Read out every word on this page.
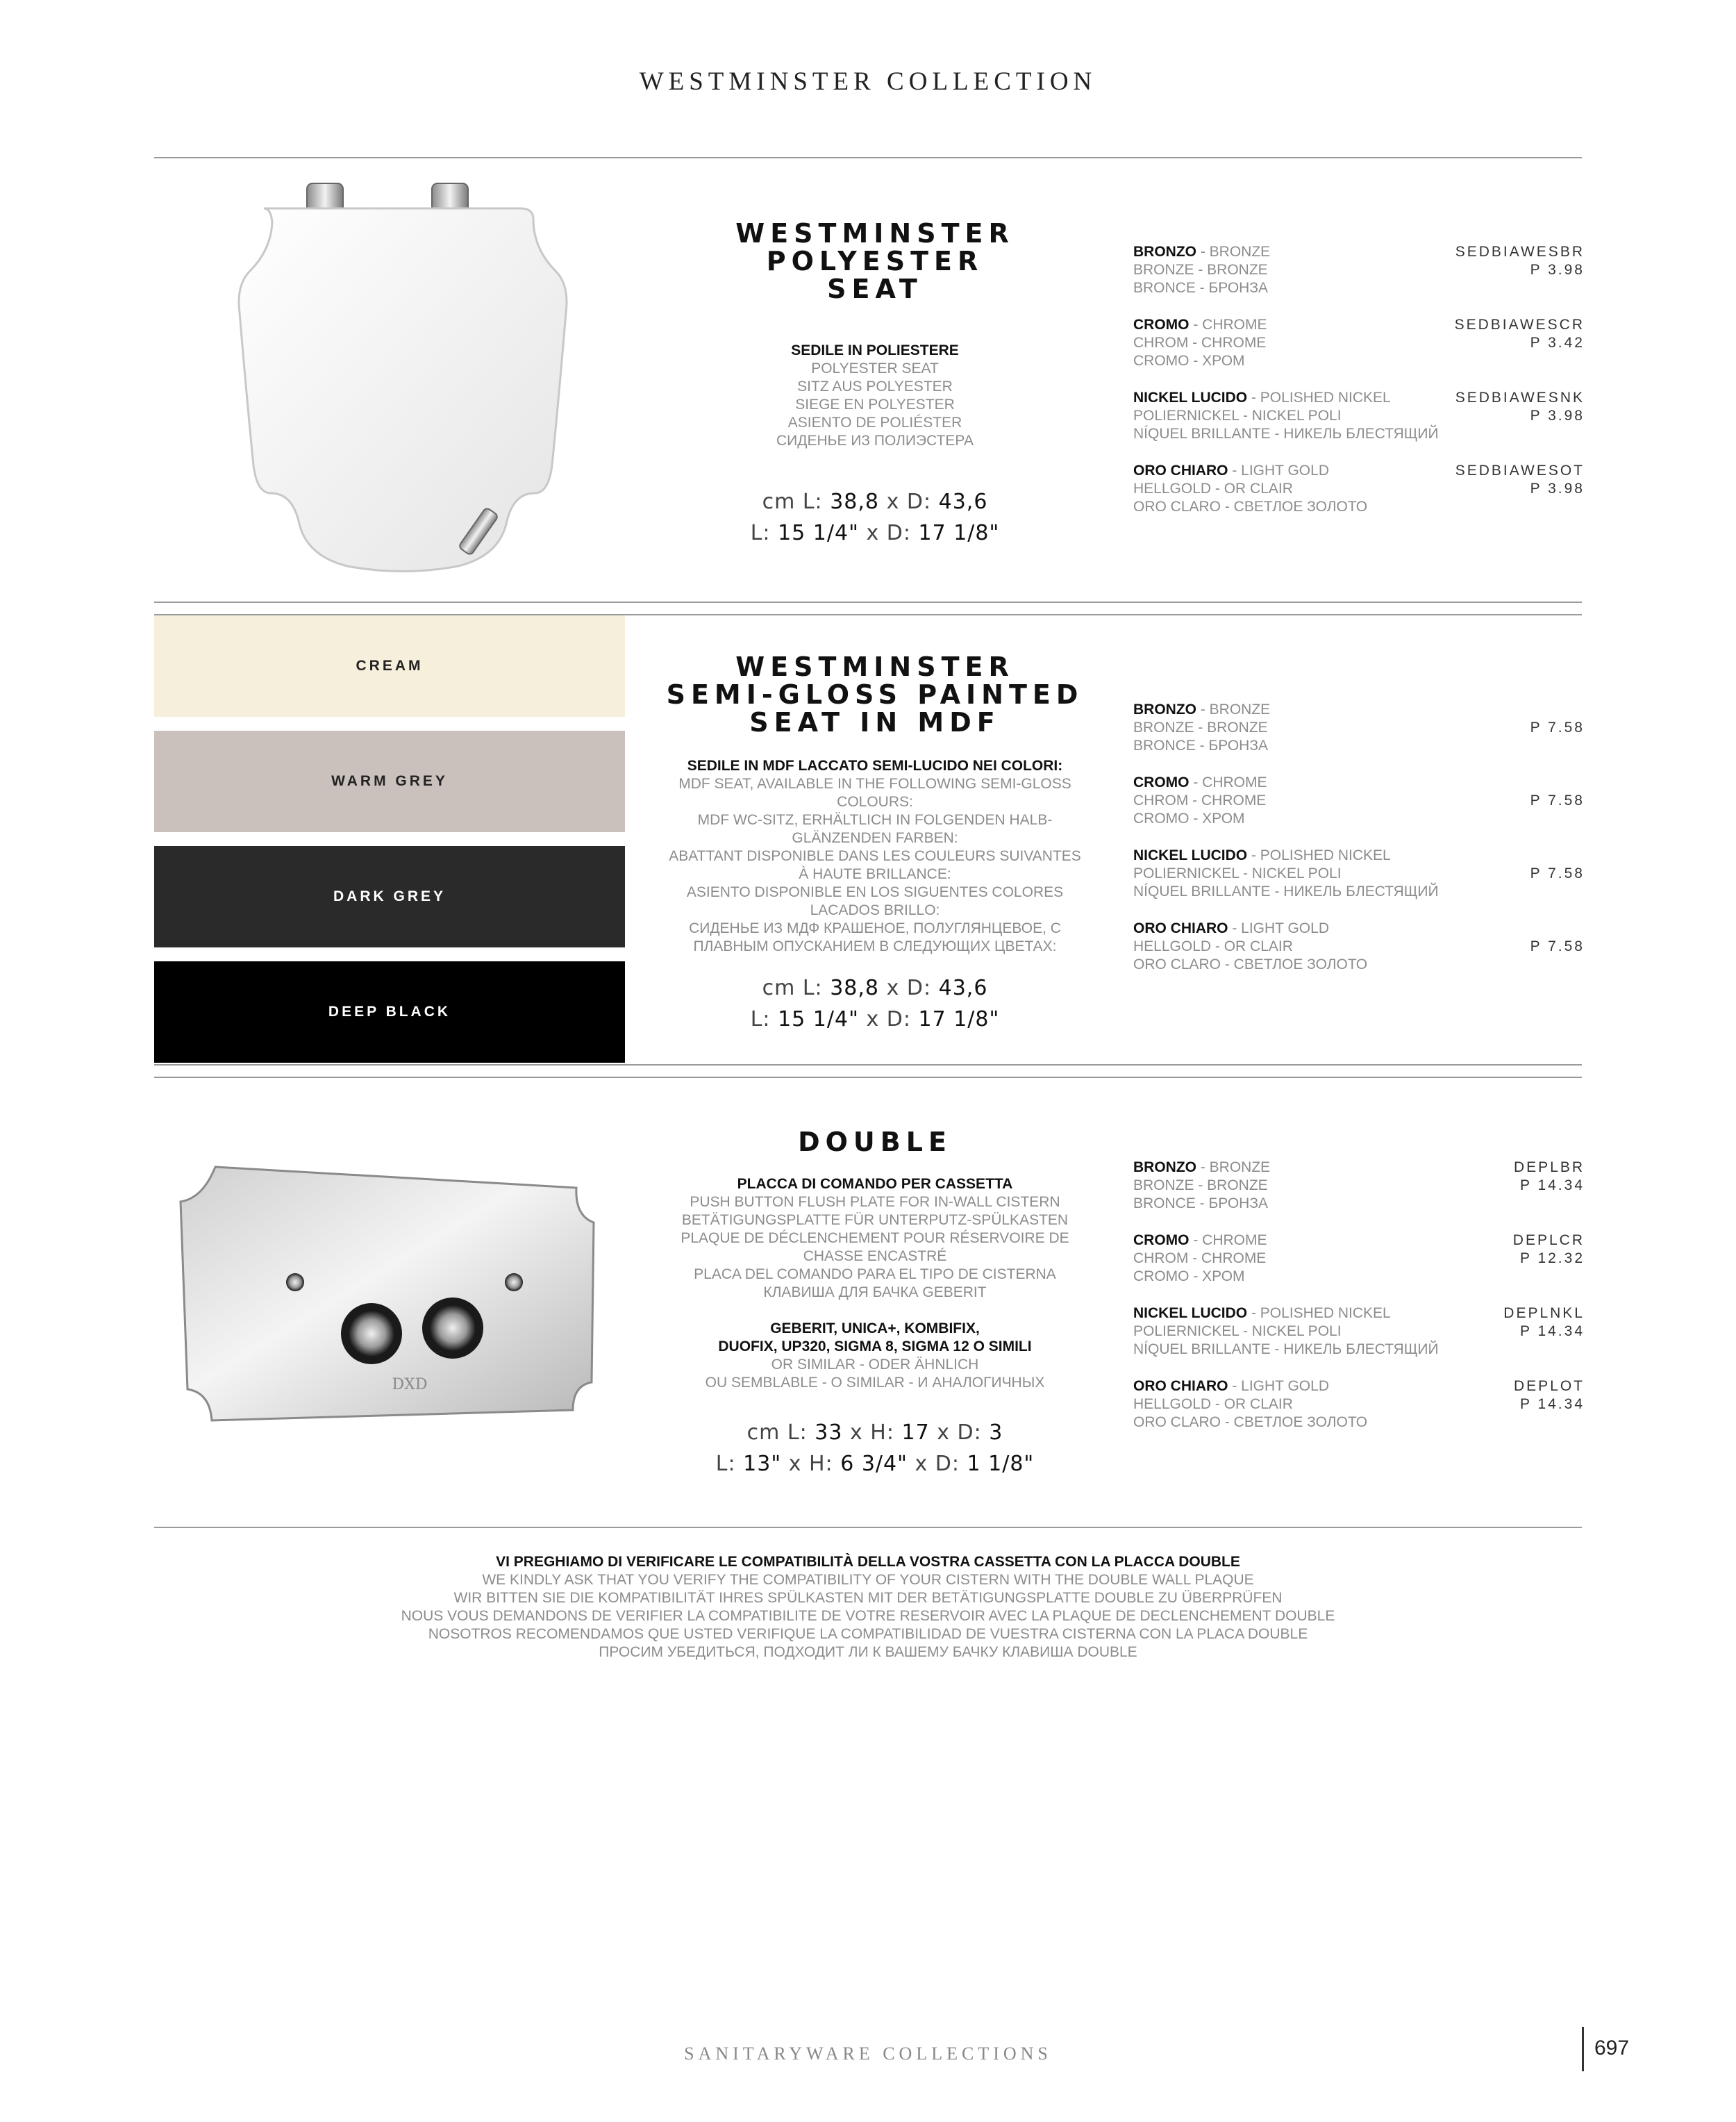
WESTMINSTER COLLECTION
WESTMINSTER
POLYESTER
SEAT
SEDILE IN POLIESTERE
POLYESTER SEAT
SITZ AUS POLYESTER
SIEGE EN POLYESTER
ASIENTO DE POLIÉSTER
СИДЕНЬЕ ИЗ ПОЛИЭСТЕРА
cm L: 38,8 x D: 43,6
L: 15 1/4" x D: 17 1/8"
BRONZO - BRONZE	SEDBIAWESBR
BRONZE - BRONZE	P 3.98
BRONCE - БРОНЗА
CROMO - CHROME	SEDBIAWESCR
CHROM - CHROME	P 3.42
CROMO - ХРОМ
NICKEL LUCIDO - POLISHED NICKEL	SEDBIAWESNK
POLIERNICKEL - NICKEL POLI	P 3.98
NÍQUEL BRILLANTE - НИКЕЛЬ БЛЕСТЯЩИЙ
ORO CHIARO - LIGHT GOLD	SEDBIAWESOT
HELLGOLD - OR CLAIR	P 3.98
ORO CLARO - СВЕТЛОЕ ЗОЛОТО
CREAM
WARM GREY
DARK GREY
DEEP BLACK
WESTMINSTER
SEMI-GLOSS PAINTED
SEAT IN MDF
SEDILE IN MDF LACCATO SEMI-LUCIDO NEI COLORI:
MDF SEAT, AVAILABLE IN THE FOLLOWING SEMI-GLOSS
COLOURS:
MDF WC-SITZ, ERHÄLTLICH IN FOLGENDEN HALB-
GLÄNZENDEN FARBEN:
ABATTANT DISPONIBLE DANS LES COULEURS SUIVANTES
À HAUTE BRILLANCE:
ASIENTO DISPONIBLE EN LOS SIGUENTES COLORES
LACADOS BRILLO:
СИДЕНЬЕ ИЗ МДФ КРАШЕНОЕ, ПОЛУГЛЯНЦЕВОЕ, С
ПЛАВНЫМ ОПУСКАНИЕМ В СЛЕДУЮЩИХ ЦВЕТАХ:
cm L: 38,8 x D: 43,6
L: 15 1/4" x D: 17 1/8"
BRONZO - BRONZE
BRONZE - BRONZE	P 7.58
BRONCE - БРОНЗА
CROMO - CHROME
CHROM - CHROME	P 7.58
CROMO - ХРОМ
NICKEL LUCIDO - POLISHED NICKEL
POLIERNICKEL - NICKEL POLI	P 7.58
NÍQUEL BRILLANTE - НИКЕЛЬ БЛЕСТЯЩИЙ
ORO CHIARO - LIGHT GOLD
HELLGOLD - OR CLAIR	P 7.58
ORO CLARO - СВЕТЛОЕ ЗОЛОТО
DXD
DOUBLE
PLACCA DI COMANDO PER CASSETTA
PUSH BUTTON FLUSH PLATE FOR IN-WALL CISTERN
BETÄTIGUNGSPLATTE FÜR UNTERPUTZ-SPÜLKASTEN
PLAQUE DE DÉCLENCHEMENT POUR RÉSERVOIRE DE
CHASSE ENCASTRÉ
PLACA DEL COMANDO PARA EL TIPO DE CISTERNA
КЛАВИША ДЛЯ БАЧКА GEBERIT
GEBERIT, UNICA+, KOMBIFIX,
DUOFIX, UP320, SIGMA 8, SIGMA 12 O SIMILI
OR SIMILAR - ODER ÄHNLICH
OU SEMBLABLE - O SIMILAR - И АНАЛОГИЧНЫХ
cm L: 33 x H: 17 x D: 3
L: 13" x H: 6 3/4" x D: 1 1/8"
BRONZO - BRONZE	DEPLBR
BRONZE - BRONZE	P 14.34
BRONCE - БРОНЗА
CROMO - CHROME	DEPLCR
CHROM - CHROME	P 12.32
CROMO - ХРОМ
NICKEL LUCIDO - POLISHED NICKEL	DEPLNKL
POLIERNICKEL - NICKEL POLI	P 14.34
NÍQUEL BRILLANTE - НИКЕЛЬ БЛЕСТЯЩИЙ
ORO CHIARO - LIGHT GOLD	DEPLOT
HELLGOLD - OR CLAIR	P 14.34
ORO CLARO - СВЕТЛОЕ ЗОЛОТО
VI PREGHIAMO DI VERIFICARE LE COMPATIBILITÀ DELLA VOSTRA CASSETTA CON LA PLACCA DOUBLE
WE KINDLY ASK THAT YOU VERIFY THE COMPATIBILITY OF YOUR CISTERN WITH THE DOUBLE WALL PLAQUE
WIR BITTEN SIE DIE KOMPATIBILITÄT IHRES SPÜLKASTEN MIT DER BETÄTIGUNGSPLATTE DOUBLE ZU ÜBERPRÜFEN
NOUS VOUS DEMANDONS DE VERIFIER LA COMPATIBILITE DE VOTRE RESERVOIR AVEC LA PLAQUE DE DECLENCHEMENT DOUBLE
NOSOTROS RECOMENDAMOS QUE USTED VERIFIQUE LA COMPATIBILIDAD DE VUESTRA CISTERNA CON LA PLACA DOUBLE
ПРОСИМ УБЕДИТЬСЯ, ПОДХОДИТ ЛИ К ВАШЕМУ БАЧКУ КЛАВИША DOUBLE
SANITARYWARE COLLECTIONS	697
